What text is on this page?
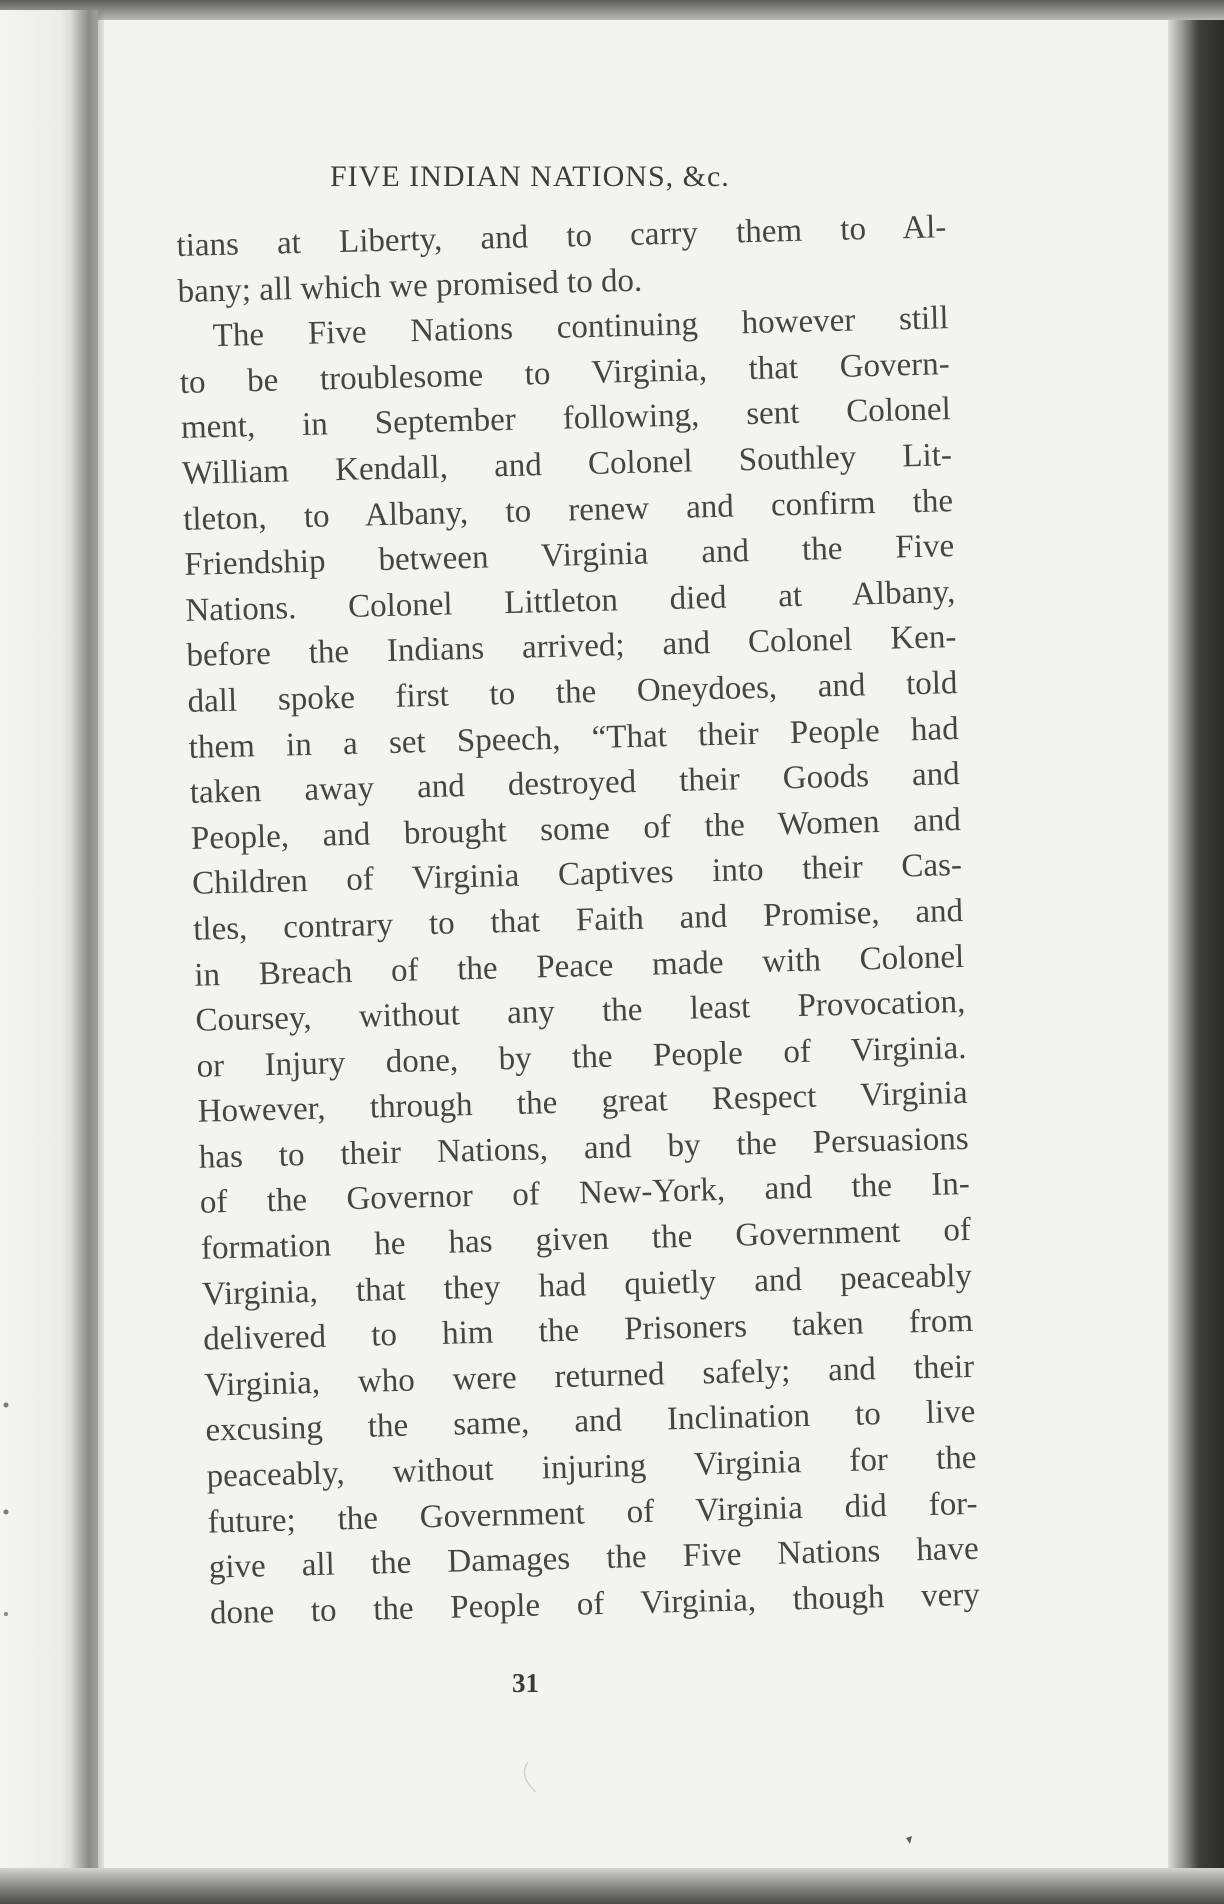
FIVE INDIAN NATIONS, &c.
tians at Liberty, and to carry them to Al-
bany; all which we promised to do.
The Five Nations continuing however still
to be troublesome to Virginia, that Govern-
ment, in September following, sent Colonel
William Kendall, and Colonel Southley Lit-
tleton, to Albany, to renew and confirm the
Friendship between Virginia and the Five
Nations. Colonel Littleton died at Albany,
before the Indians arrived; and Colonel Ken-
dall spoke first to the Oneydoes, and told
them in a set Speech, “That their People had
taken away and destroyed their Goods and
People, and brought some of the Women and
Children of Virginia Captives into their Cas-
tles, contrary to that Faith and Promise, and
in Breach of the Peace made with Colonel
Coursey, without any the least Provocation,
or Injury done, by the People of Virginia.
However, through the great Respect Virginia
has to their Nations, and by the Persuasions
of the Governor of New-York, and the In-
formation he has given the Government of
Virginia, that they had quietly and peaceably
delivered to him the Prisoners taken from
Virginia, who were returned safely; and their
excusing the same, and Inclination to live
peaceably, without injuring Virginia for the
future; the Government of Virginia did for-
give all the Damages the Five Nations have
done to the People of Virginia, though very
31
